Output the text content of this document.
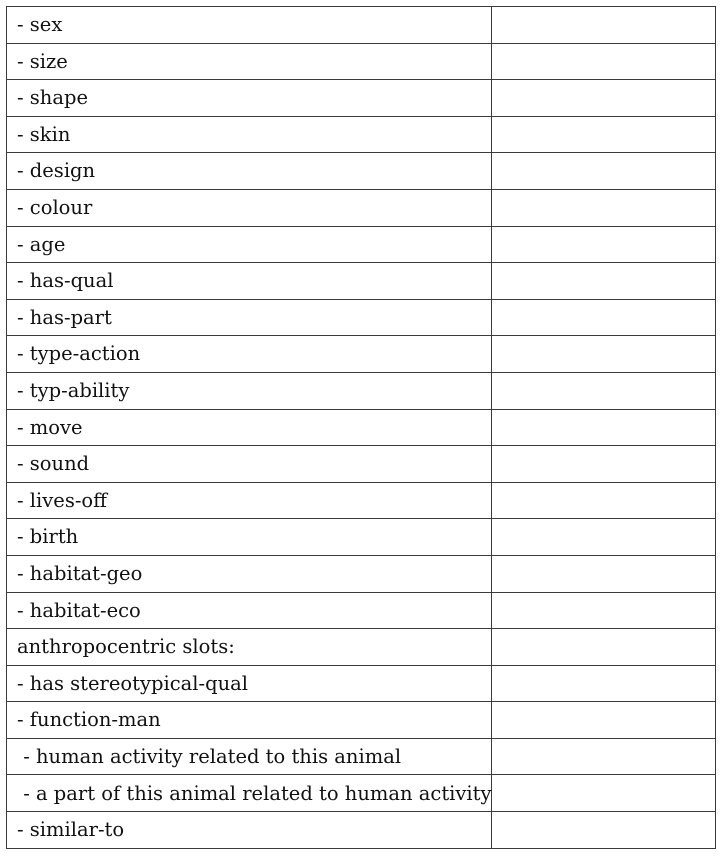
- sex	
- size	
- shape	
- skin	
- design	
- colour	
- age	
- has-qual	
- has-part	
- type-action	
- typ-ability	
- move	
- sound	
- lives-off	
- birth	
- habitat-geo	
- habitat-eco	
anthropocentric slots:	
- has stereotypical-qual	
- function-man	
- human activity related to this animal	
- a part of this animal related to human activity	
- similar-to	
